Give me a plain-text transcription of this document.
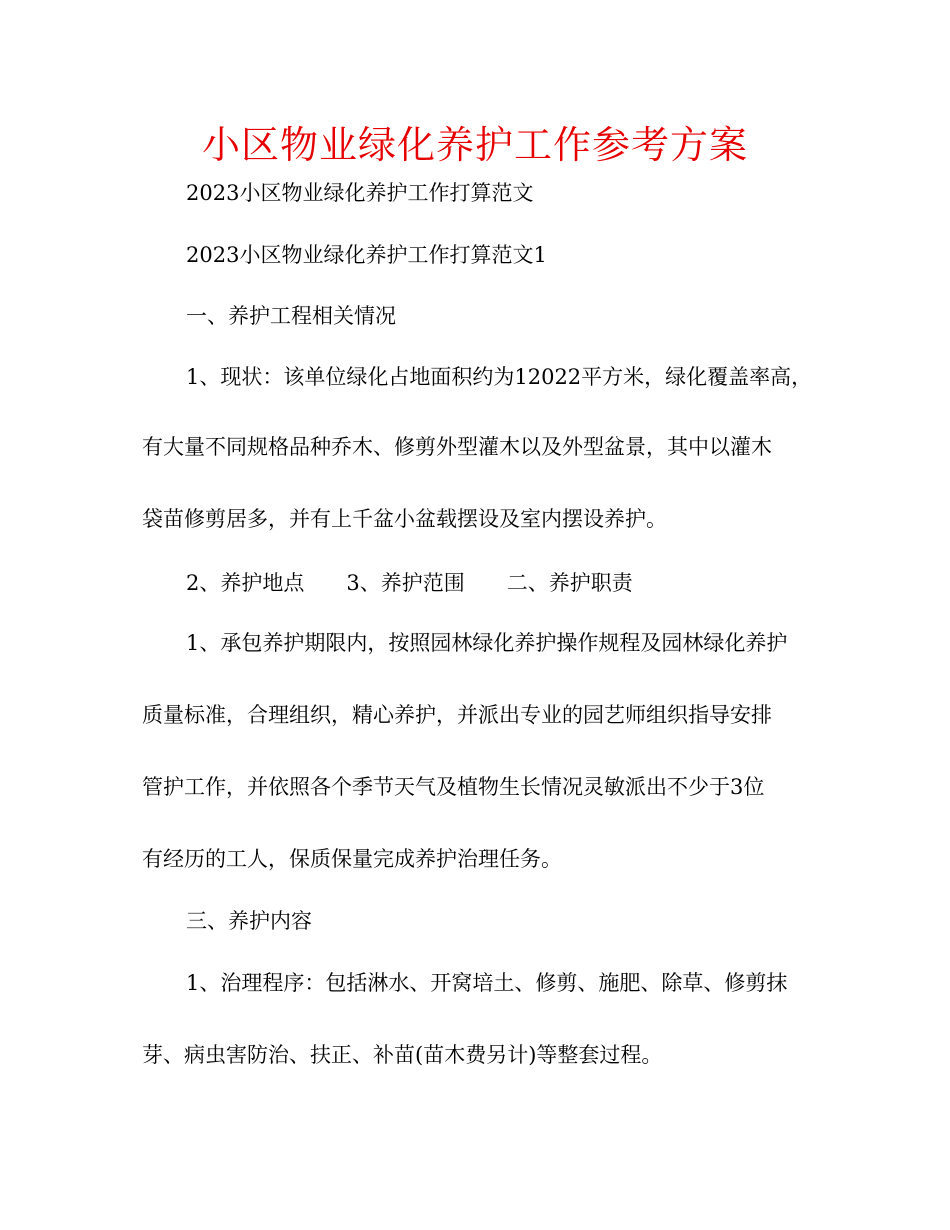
小区物业绿化养护工作参考方案

2023小区物业绿化养护工作打算范文

2023小区物业绿化养护工作打算范文1

一、养护工程相关情况

1、现状：该单位绿化占地面积约为12022平方米，绿化覆盖率高，

有大量不同规格品种乔木、修剪外型灌木以及外型盆景，其中以灌木

袋苗修剪居多，并有上千盆小盆载摆设及室内摆设养护。

2、养护地点 3、养护范围 二、养护职责

1、承包养护期限内，按照园林绿化养护操作规程及园林绿化养护

质量标准，合理组织，精心养护，并派出专业的园艺师组织指导安排

管护工作，并依照各个季节天气及植物生长情况灵敏派出不少于3位

有经历的工人，保质保量完成养护治理任务。

三、养护内容

1、治理程序：包括淋水、开窝培土、修剪、施肥、除草、修剪抹

芽、病虫害防治、扶正、补苗(苗木费另计)等整套过程。
